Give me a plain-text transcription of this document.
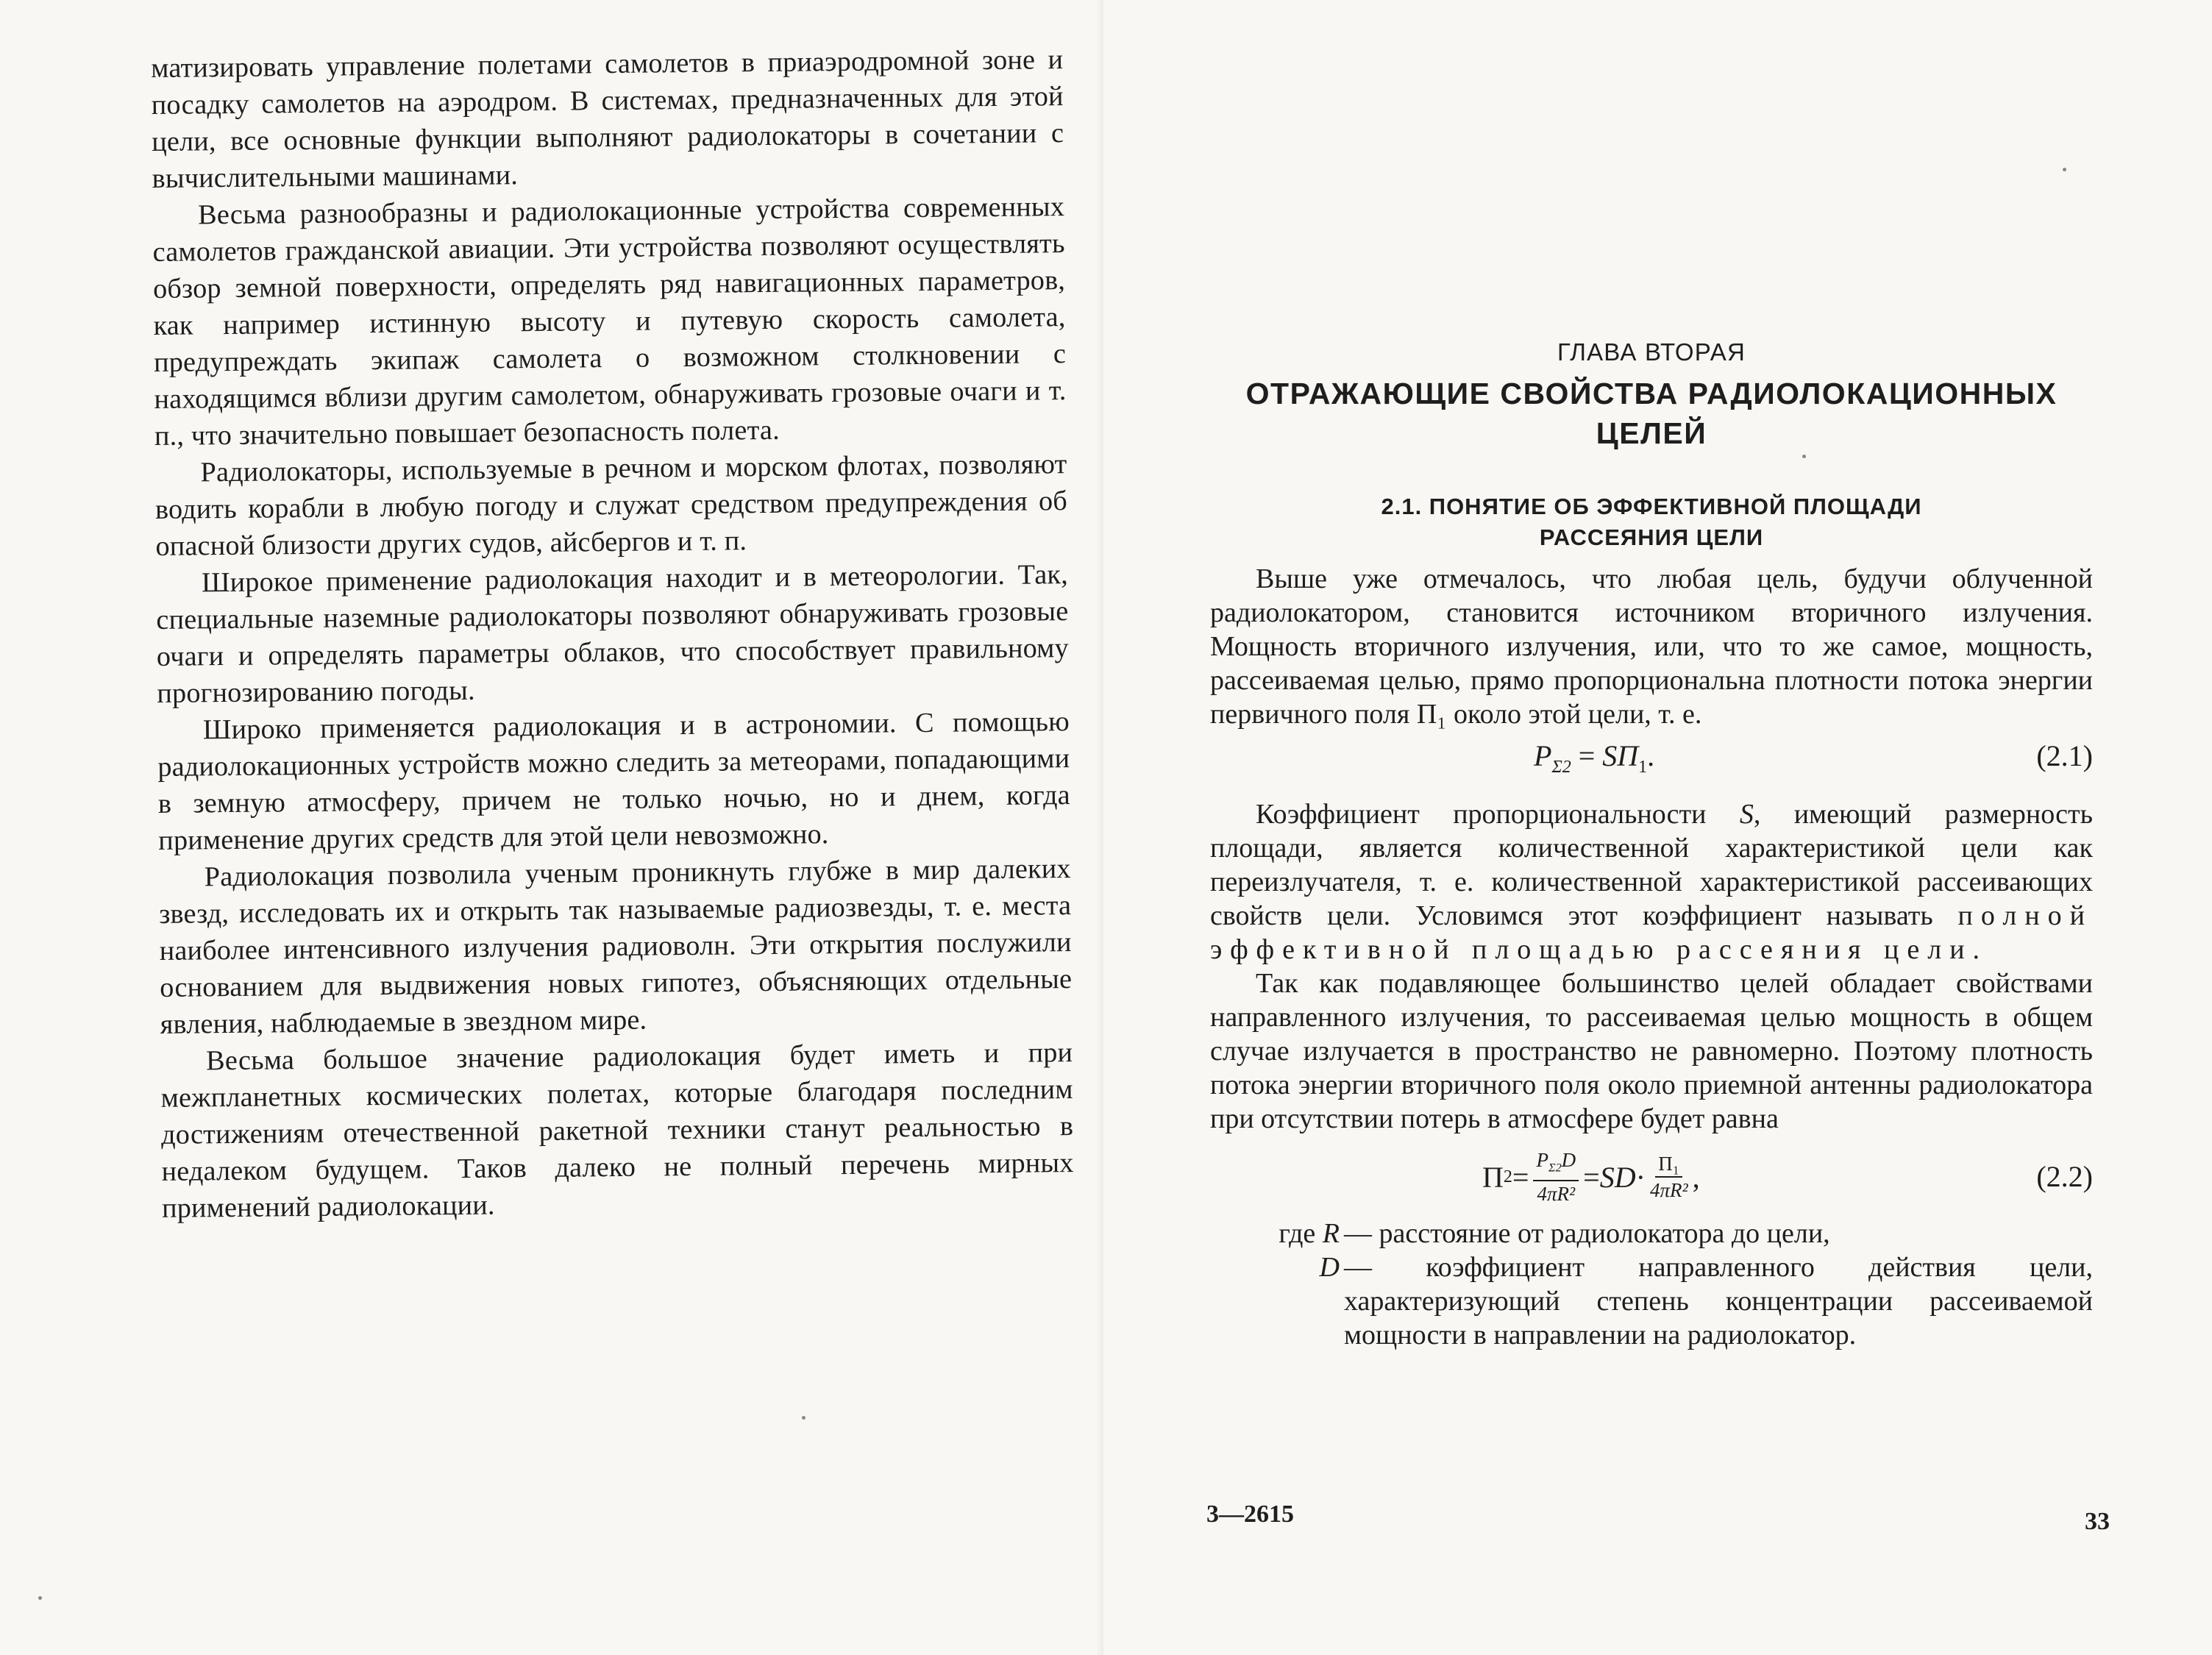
матизировать управление полетами самолетов в приаэродромной зоне и посадку самолетов на аэродром. В системах, предназначенных для этой цели, все основные функции выполняют радиолокаторы в сочетании с вычислительными машинами.

Весьма разнообразны и радиолокационные устройства современных самолетов гражданской авиации. Эти устройства позволяют осуществлять обзор земной поверхности, определять ряд навигационных параметров, как например истинную высоту и путевую скорость самолета, предупреждать экипаж самолета о возможном столкновении с находящимся вблизи другим самолетом, обнаруживать грозовые очаги и т. п., что значительно повышает безопасность полета.

Радиолокаторы, используемые в речном и морском флотах, позволяют водить корабли в любую погоду и служат средством предупреждения об опасной близости других судов, айсбергов и т. п.

Широкое применение радиолокация находит и в метеорологии. Так, специальные наземные радиолокаторы позволяют обнаруживать грозовые очаги и определять параметры облаков, что способствует правильному прогнозированию погоды.

Широко применяется радиолокация и в астрономии. С помощью радиолокационных устройств можно следить за метеорами, попадающими в земную атмосферу, причем не только ночью, но и днем, когда применение других средств для этой цели невозможно.

Радиолокация позволила ученым проникнуть глубже в мир далеких звезд, исследовать их и открыть так называемые радиозвезды, т. е. места наиболее интенсивного излучения радиоволн. Эти открытия послужили основанием для выдвижения новых гипотез, объясняющих отдельные явления, наблюдаемые в звездном мире.

Весьма большое значение радиолокация будет иметь и при межпланетных космических полетах, которые благодаря последним достижениям отечественной ракетной техники станут реальностью в недалеком будущем. Таков далеко не полный перечень мирных применений радиолокации.

ГЛАВА ВТОРАЯ
ОТРАЖАЮЩИЕ СВОЙСТВА РАДИОЛОКАЦИОННЫХ ЦЕЛЕЙ
2.1. ПОНЯТИЕ ОБ ЭФФЕКТИВНОЙ ПЛОЩАДИ РАССЕЯНИЯ ЦЕЛИ

Выше уже отмечалось, что любая цель, будучи облученной радиолокатором, становится источником вторичного излучения. Мощность вторичного излучения, или, что то же самое, мощность, рассеиваемая целью, прямо пропорциональна плотности потока энергии первичного поля П₁ около этой цели, т. е.

$P_{\Sigma 2} = SП_1$.	(2.1)

Коэффициент пропорциональности S, имеющий размерность площади, является количественной характеристикой цели как переизлучателя, т. е. количественной характеристикой рассеивающих свойств цели. Условимся этот коэффициент называть полной эффективной площадью рассеяния цели.

Так как подавляющее большинство целей обладает свойствами направленного излучения, то рассеиваемая целью мощность в общем случае излучается в пространство не равномерно. Поэтому плотность потока энергии вторичного поля около приемной антенны радиолокатора при отсутствии потерь в атмосфере будет равна

П $2 = \frac{P_{\Sigma 2}D}{\text{4πR²}}$ = SD · $\frac{\text{П₁}}{\text{4πR²}}$ ,	(2.2)
где R — расстояние от радиолокатора до цели,
D — коэффициент направленного действия цели, характеризующий степень концентрации рассеиваемой мощности в направлении на радиолокатор.
3—2615	33
